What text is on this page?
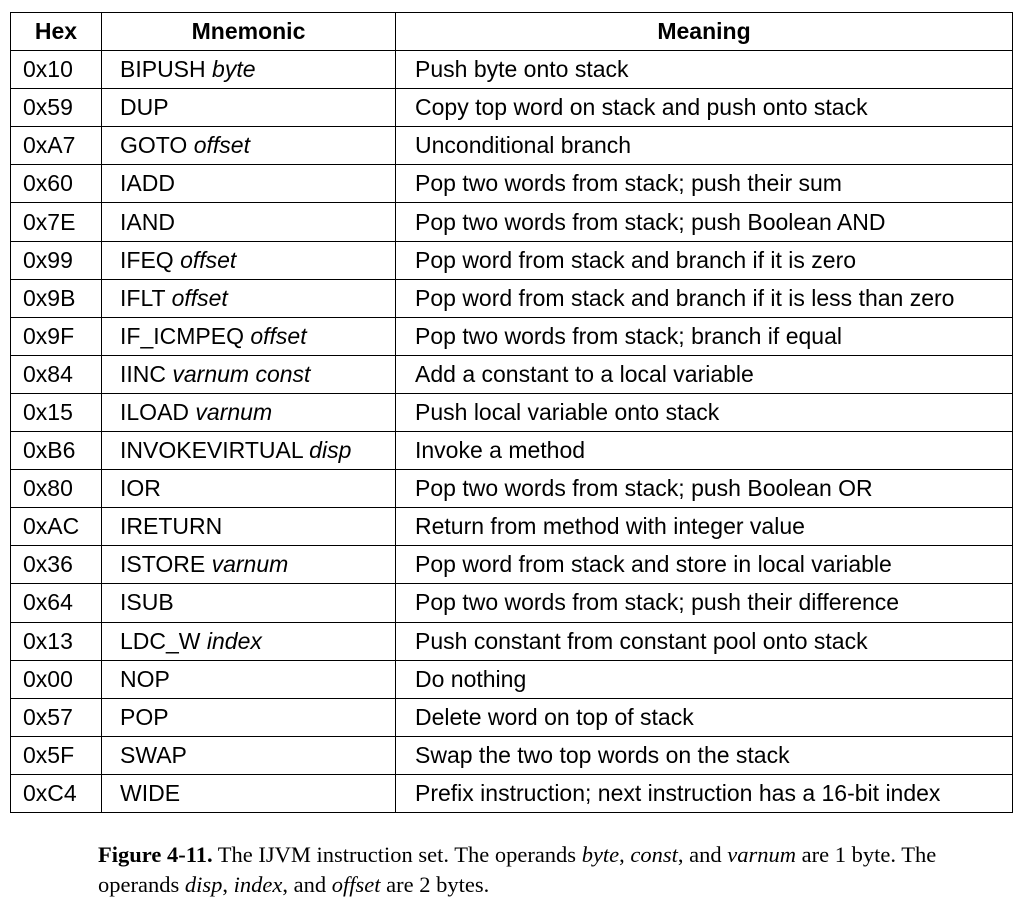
Hex	Mnemonic	Meaning
0x10	BIPUSH byte	Push byte onto stack
0x59	DUP	Copy top word on stack and push onto stack
0xA7	GOTO offset	Unconditional branch
0x60	IADD	Pop two words from stack; push their sum
0x7E	IAND	Pop two words from stack; push Boolean AND
0x99	IFEQ offset	Pop word from stack and branch if it is zero
0x9B	IFLT offset	Pop word from stack and branch if it is less than zero
0x9F	IF_ICMPEQ offset	Pop two words from stack; branch if equal
0x84	IINC varnum const	Add a constant to a local variable
0x15	ILOAD varnum	Push local variable onto stack
0xB6	INVOKEVIRTUAL disp	Invoke a method
0x80	IOR	Pop two words from stack; push Boolean OR
0xAC	IRETURN	Return from method with integer value
0x36	ISTORE varnum	Pop word from stack and store in local variable
0x64	ISUB	Pop two words from stack; push their difference
0x13	LDC_W index	Push constant from constant pool onto stack
0x00	NOP	Do nothing
0x57	POP	Delete word on top of stack
0x5F	SWAP	Swap the two top words on the stack
0xC4	WIDE	Prefix instruction; next instruction has a 16-bit index
Figure 4-11. The IJVM instruction set. The operands byte, const, and varnum are 1 byte. The operands disp, index, and offset are 2 bytes.
